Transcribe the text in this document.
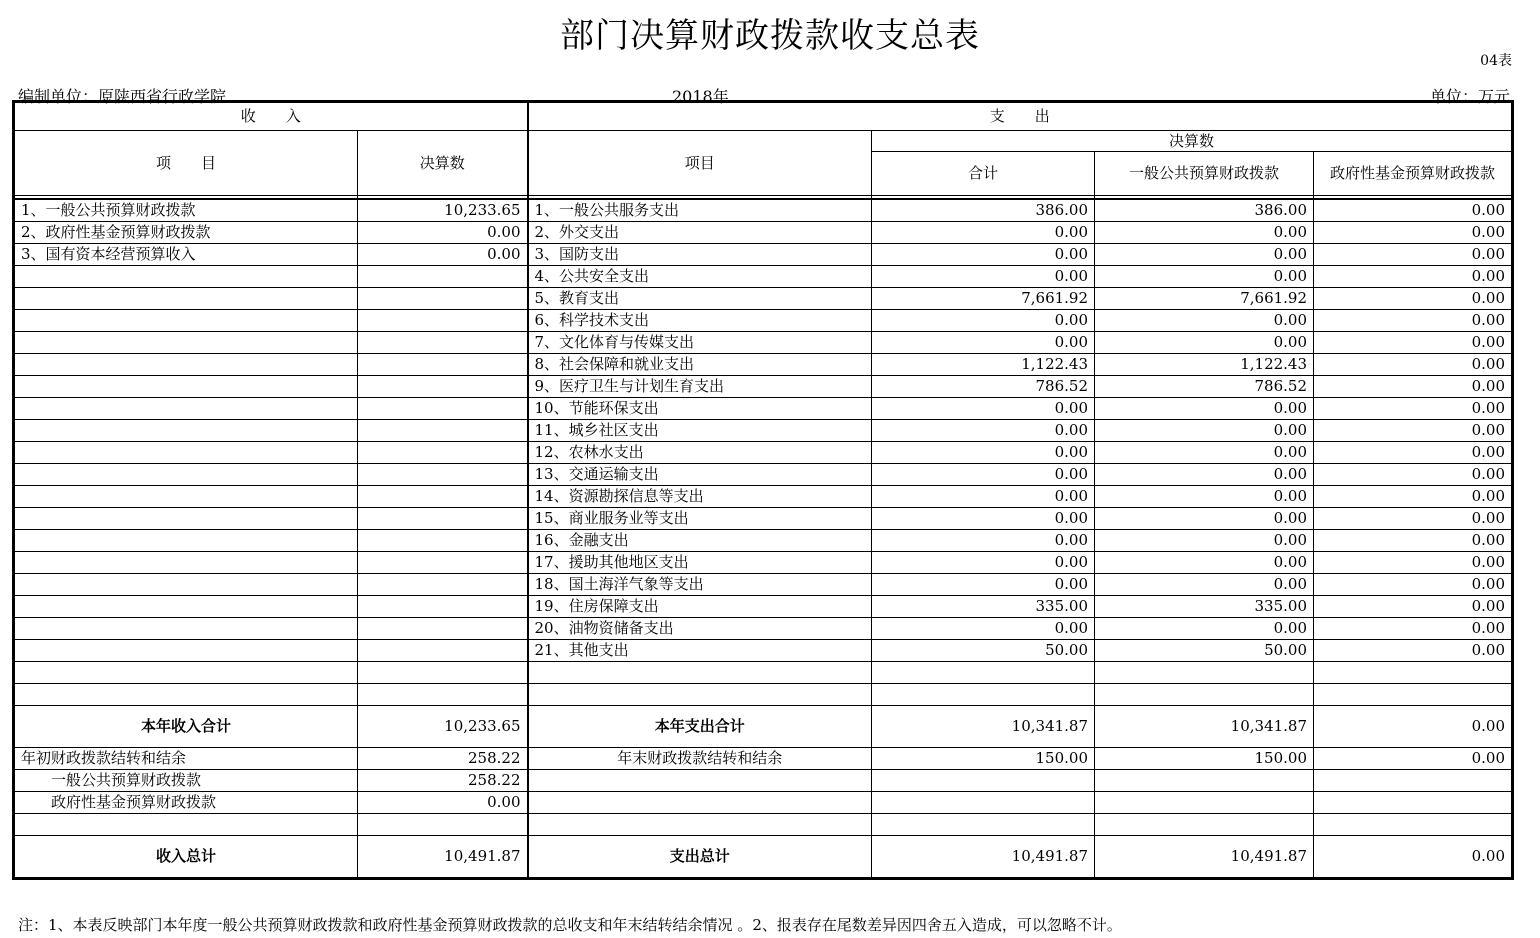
部门决算财政拨款收支总表
04表
编制单位：原陕西省行政学院	2018年	单位：万元
收　　入		支　　出			
项　　目	决算数	项目	决算数		
			合计	一般公共预算财政拨款	政府性基金预算财政拨款

1、一般公共预算财政拨款	10,233.65	1、一般公共服务支出	386.00	386.00	0.00
2、政府性基金预算财政拨款	0.00	2、外交支出	0.00	0.00	0.00
3、国有资本经营预算收入	0.00	3、国防支出	0.00	0.00	0.00
		4、公共安全支出	0.00	0.00	0.00
		5、教育支出	7,661.92	7,661.92	0.00
		6、科学技术支出	0.00	0.00	0.00
		7、文化体育与传媒支出	0.00	0.00	0.00
		8、社会保障和就业支出	1,122.43	1,122.43	0.00
		9、医疗卫生与计划生育支出	786.52	786.52	0.00
		10、节能环保支出	0.00	0.00	0.00
		11、城乡社区支出	0.00	0.00	0.00
		12、农林水支出	0.00	0.00	0.00
		13、交通运输支出	0.00	0.00	0.00
		14、资源勘探信息等支出	0.00	0.00	0.00
		15、商业服务业等支出	0.00	0.00	0.00
		16、金融支出	0.00	0.00	0.00
		17、援助其他地区支出	0.00	0.00	0.00
		18、国土海洋气象等支出	0.00	0.00	0.00
		19、住房保障支出	335.00	335.00	0.00
		20、油物资储备支出	0.00	0.00	0.00
		21、其他支出	50.00	50.00	0.00

本年收入合计	10,233.65	本年支出合计	10,341.87	10,341.87	0.00
年初财政拨款结转和结余	258.22	年末财政拨款结转和结余	150.00	150.00	0.00
一般公共预算财政拨款	258.22				
政府性基金预算财政拨款	0.00				

收入总计	10,491.87	支出总计	10,491.87	10,491.87	0.00
注：1、本表反映部门本年度一般公共预算财政拨款和政府性基金预算财政拨款的总收支和年末结转结余情况 。2、报表存在尾数差异因四舍五入造成，可以忽略不计。
